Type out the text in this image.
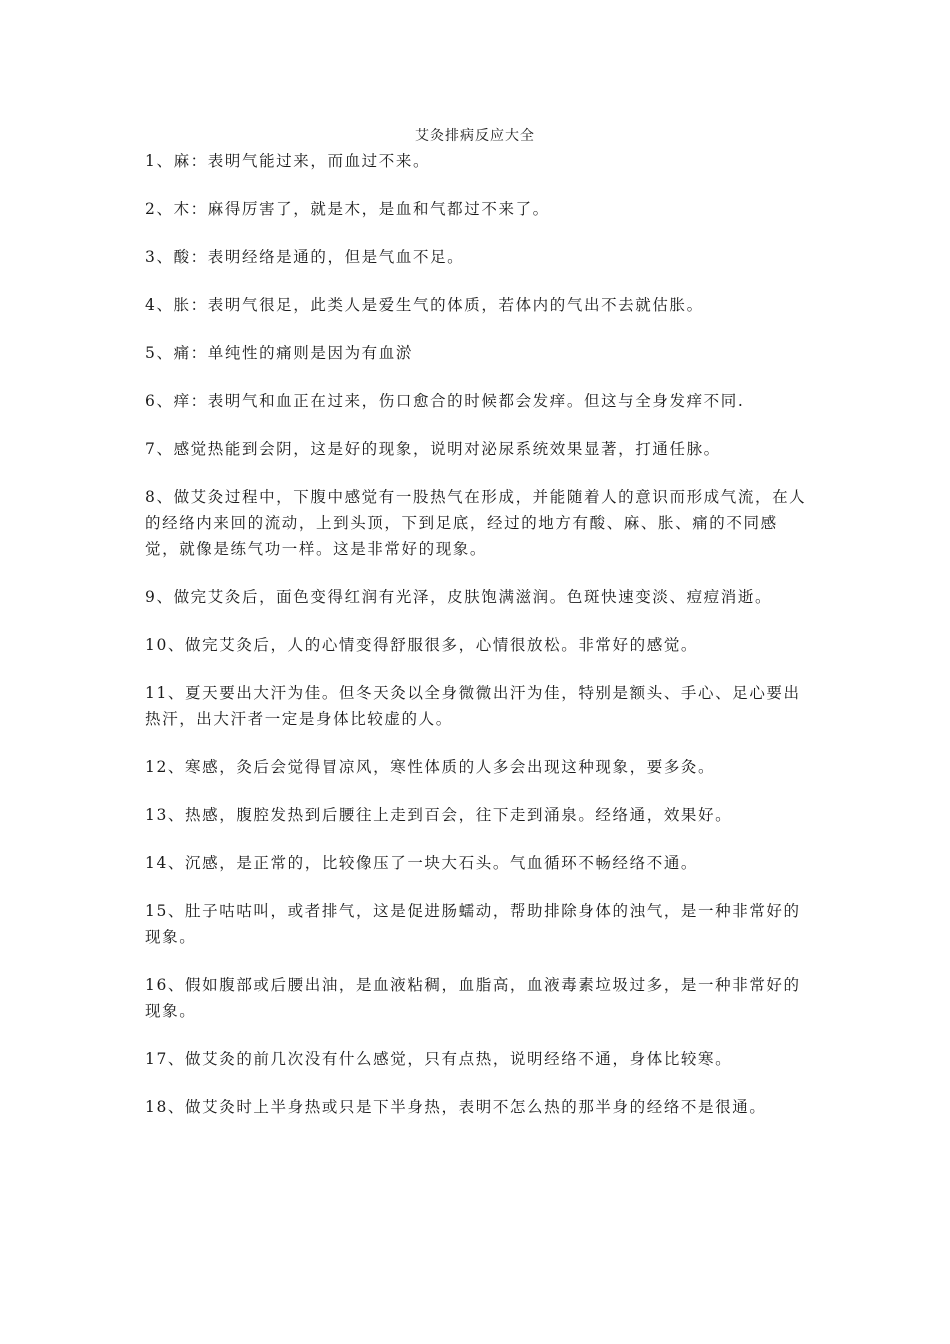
艾灸排病反应大全

1、麻：表明气能过来，而血过不来。

2、木：麻得厉害了，就是木，是血和气都过不来了。

3、酸：表明经络是通的，但是气血不足。

4、胀：表明气很足，此类人是爱生气的体质，若体内的气出不去就估胀。

5、痛：单纯性的痛则是因为有血淤

6、痒：表明气和血正在过来，伤口愈合的时候都会发痒。但这与全身发痒不同.

7、感觉热能到会阴，这是好的现象，说明对泌尿系统效果显著，打通任脉。

8、做艾灸过程中，下腹中感觉有一股热气在形成，并能随着人的意识而形成气流，在人的经络内来回的流动，上到头顶，下到足底，经过的地方有酸、麻、胀、痛的不同感觉，就像是练气功一样。这是非常好的现象。

9、做完艾灸后，面色变得红润有光泽，皮肤饱满滋润。色斑快速变淡、痘痘消逝。

10、做完艾灸后，人的心情变得舒服很多，心情很放松。非常好的感觉。

11、夏天要出大汗为佳。但冬天灸以全身微微出汗为佳，特别是额头、手心、足心要出热汗，出大汗者一定是身体比较虚的人。

12、寒感，灸后会觉得冒凉风，寒性体质的人多会出现这种现象，要多灸。

13、热感，腹腔发热到后腰往上走到百会，往下走到涌泉。经络通，效果好。

14、沉感，是正常的，比较像压了一块大石头。气血循环不畅经络不通。

15、肚子咕咕叫，或者排气，这是促进肠蠕动，帮助排除身体的浊气，是一种非常好的现象。

16、假如腹部或后腰出油，是血液粘稠，血脂高，血液毒素垃圾过多，是一种非常好的现象。

17、做艾灸的前几次没有什么感觉，只有点热，说明经络不通，身体比较寒。

18、做艾灸时上半身热或只是下半身热，表明不怎么热的那半身的经络不是很通。
